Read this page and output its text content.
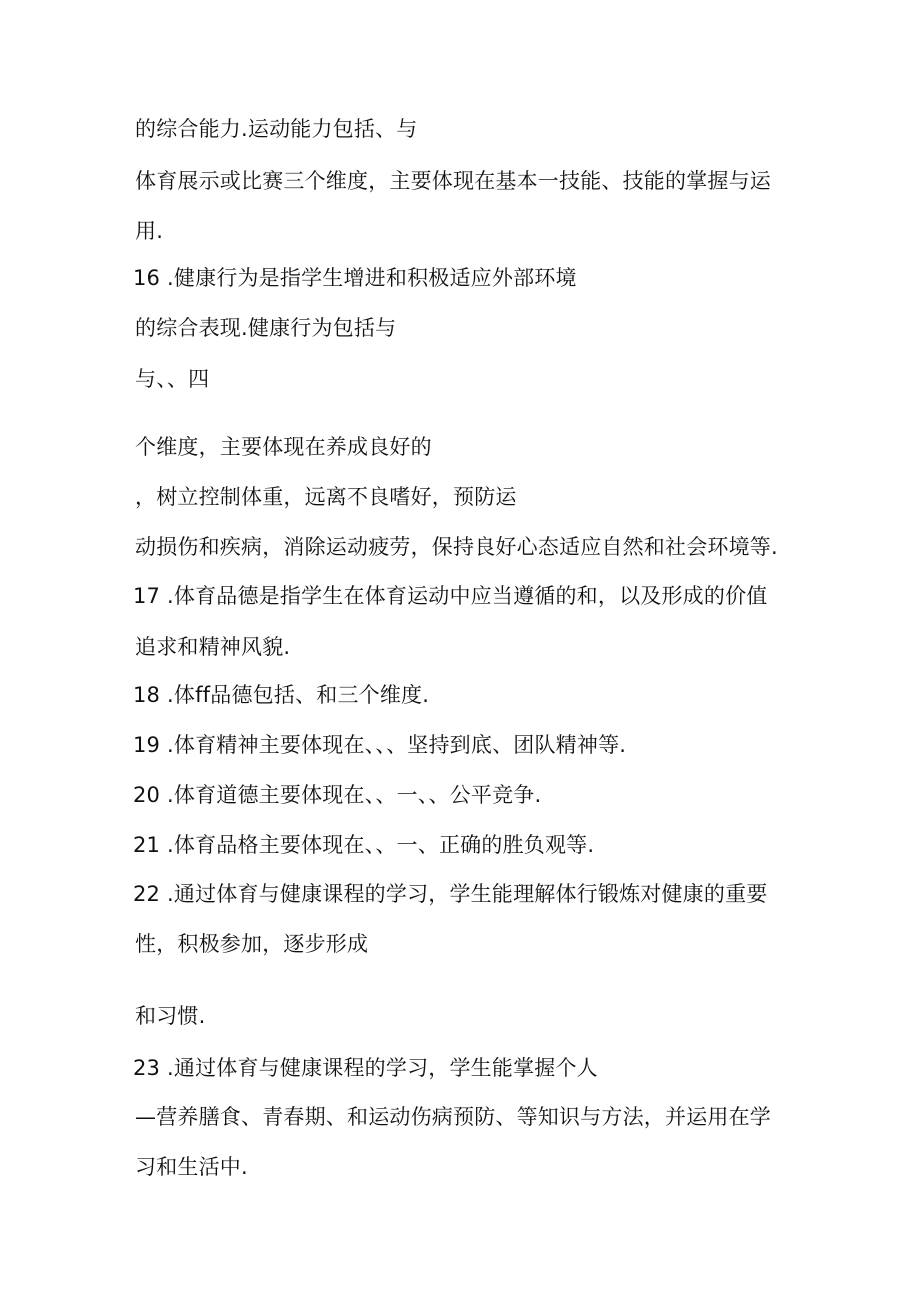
的综合能力.运动能力包括、与
体育展示或比赛三个维度，主要体现在基本一技能、技能的掌握与运
用.
16 .健康行为是指学生增进和积极适应外部环境
的综合表现.健康行为包括与
与、、四
个维度，主要体现在养成良好的
，树立控制体重，远离不良嗜好，预防运
动损伤和疾病，消除运动疲劳，保持良好心态适应自然和社会环境等.
17 .体育品德是指学生在体育运动中应当遵循的和，以及形成的价值
追求和精神风貌.
18 .体ff品德包括、和三个维度.
19 .体育精神主要体现在、、、坚持到底、团队精神等.
20 .体育道德主要体现在、、一、、公平竞争.
21 .体育品格主要体现在、、一、正确的胜负观等.
22 .通过体育与健康课程的学习，学生能理解体行锻炼对健康的重要
性，积极参加，逐步形成
和习惯.
23 .通过体育与健康课程的学习，学生能掌握个人
—营养膳食、青春期、和运动伤病预防、等知识与方法，并运用在学
习和生活中.
